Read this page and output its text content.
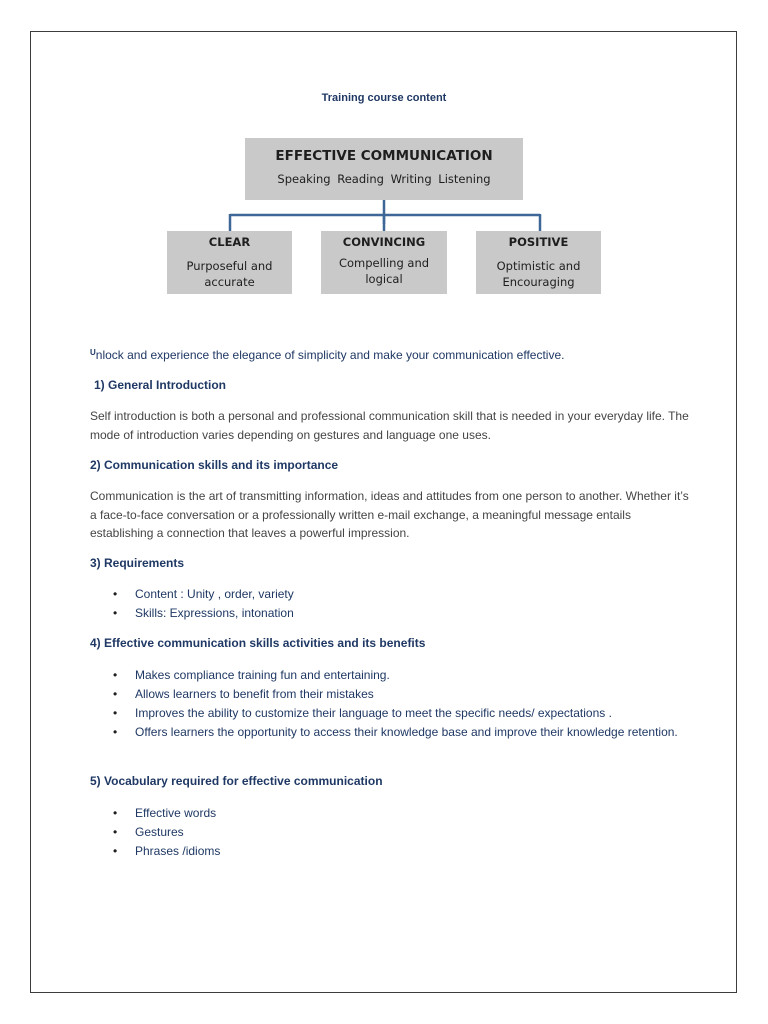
Training course content
EFFECTIVE COMMUNICATION
Speaking Reading Writing Listening
CLEAR
Purposeful and accurate
CONVINCING
Compelling and logical
POSITIVE
Optimistic and Encouraging
$^U$nlock and experience the elegance of simplicity and make your communication effective.
1) General Introduction
Self introduction is both a personal and professional communication skill that is needed in your everyday life. The mode of introduction varies depending on gestures and language one uses.
2) Communication skills and its importance
Communication is the art of transmitting information, ideas and attitudes from one person to another. Whether it’s a face-to-face conversation or a professionally written e-mail exchange, a meaningful message entails establishing a connection that leaves a powerful impression.
3) Requirements
• Content : Unity , order, variety
• Skills: Expressions, intonation
4) Effective communication skills activities and its benefits
• Makes compliance training fun and entertaining.
• Allows learners to benefit from their mistakes
• Improves the ability to customize their language to meet the specific needs/ expectations .
• Offers learners the opportunity to access their knowledge base and improve their knowledge retention.
5) Vocabulary required for effective communication
• Effective words
• Gestures
• Phrases /idioms
